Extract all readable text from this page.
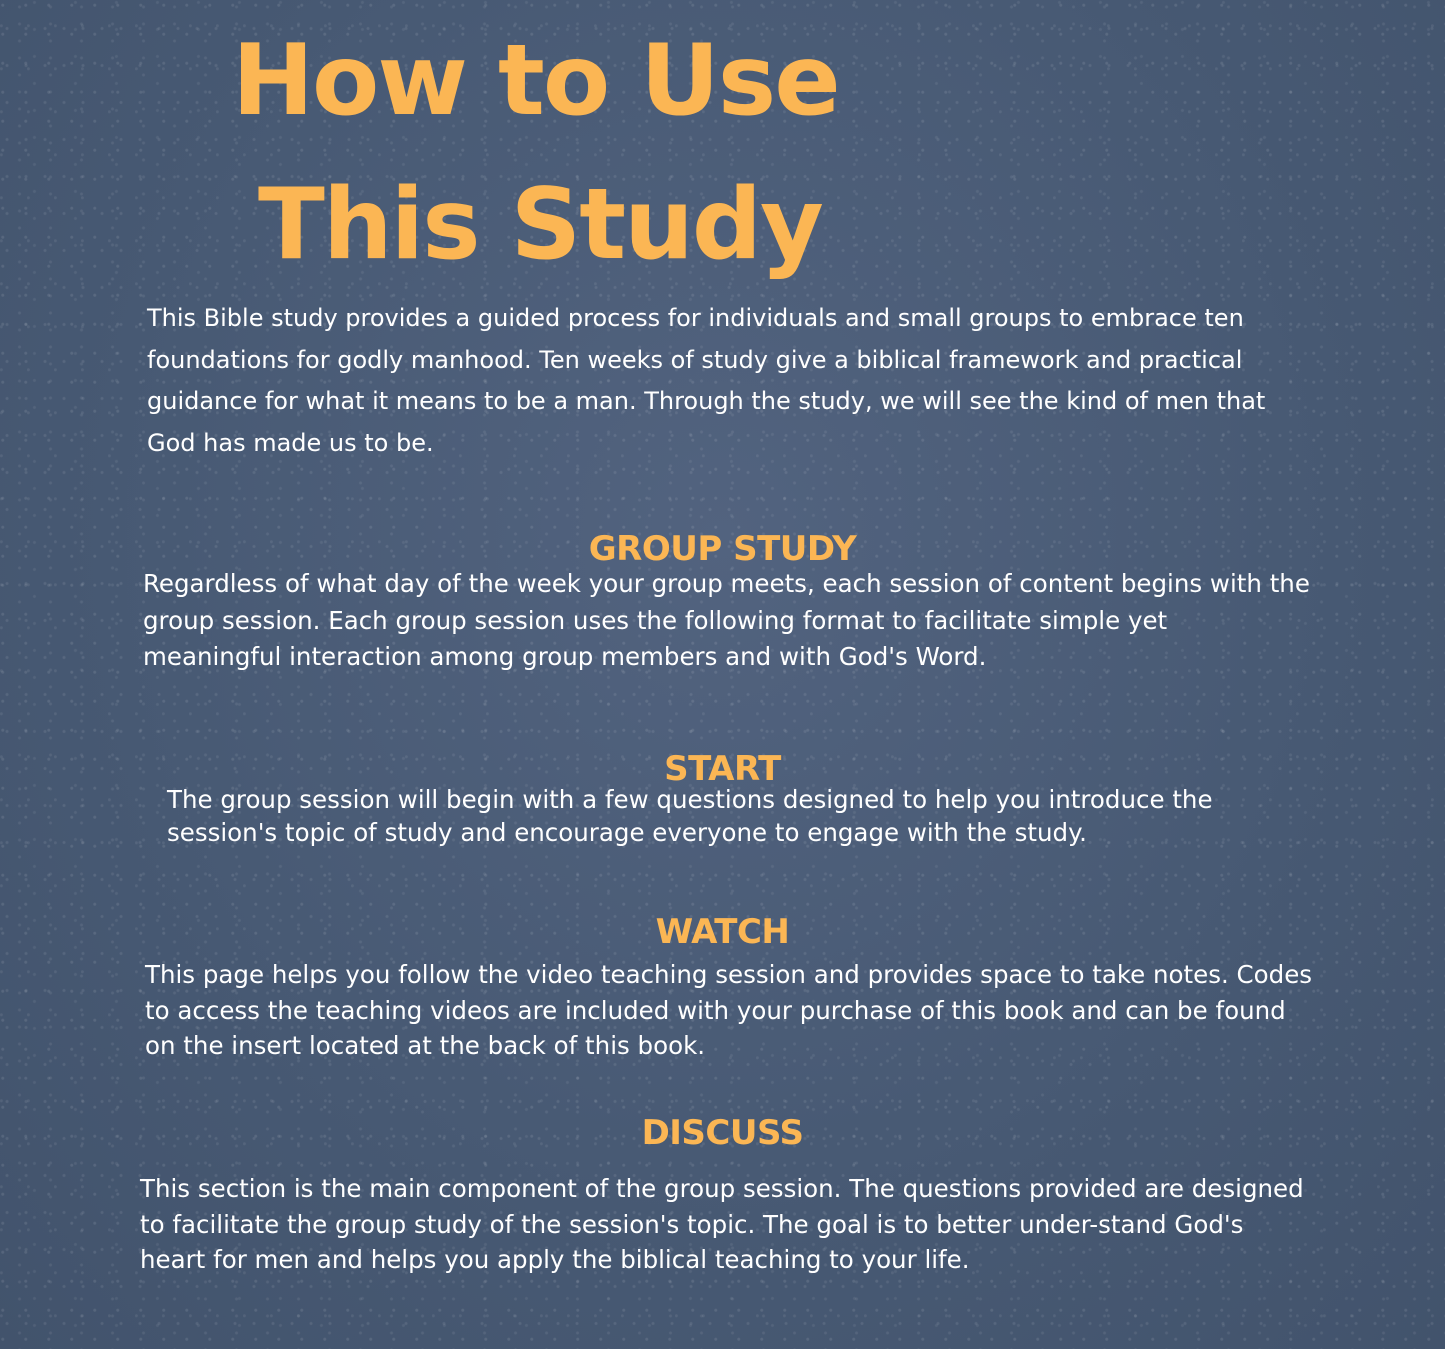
How to Use
This Study

This Bible study provides a guided process for individuals and small groups to embrace ten foundations for godly manhood. Ten weeks of study give a biblical framework and practical guidance for what it means to be a man. Through the study, we will see the kind of men that God has made us to be.

GROUP STUDY

Regardless of what day of the week your group meets, each session of content begins with the group session. Each group session uses the following format to facilitate simple yet meaningful interaction among group members and with God's Word.

START

The group session will begin with a few questions designed to help you introduce the session's topic of study and encourage everyone to engage with the study.

WATCH

This page helps you follow the video teaching session and provides space to take notes. Codes to access the teaching videos are included with your purchase of this book and can be found on the insert located at the back of this book.

DISCUSS

This section is the main component of the group session. The questions provided are designed to facilitate the group study of the session's topic. The goal is to better under-stand God's heart for men and helps you apply the biblical teaching to your life.
